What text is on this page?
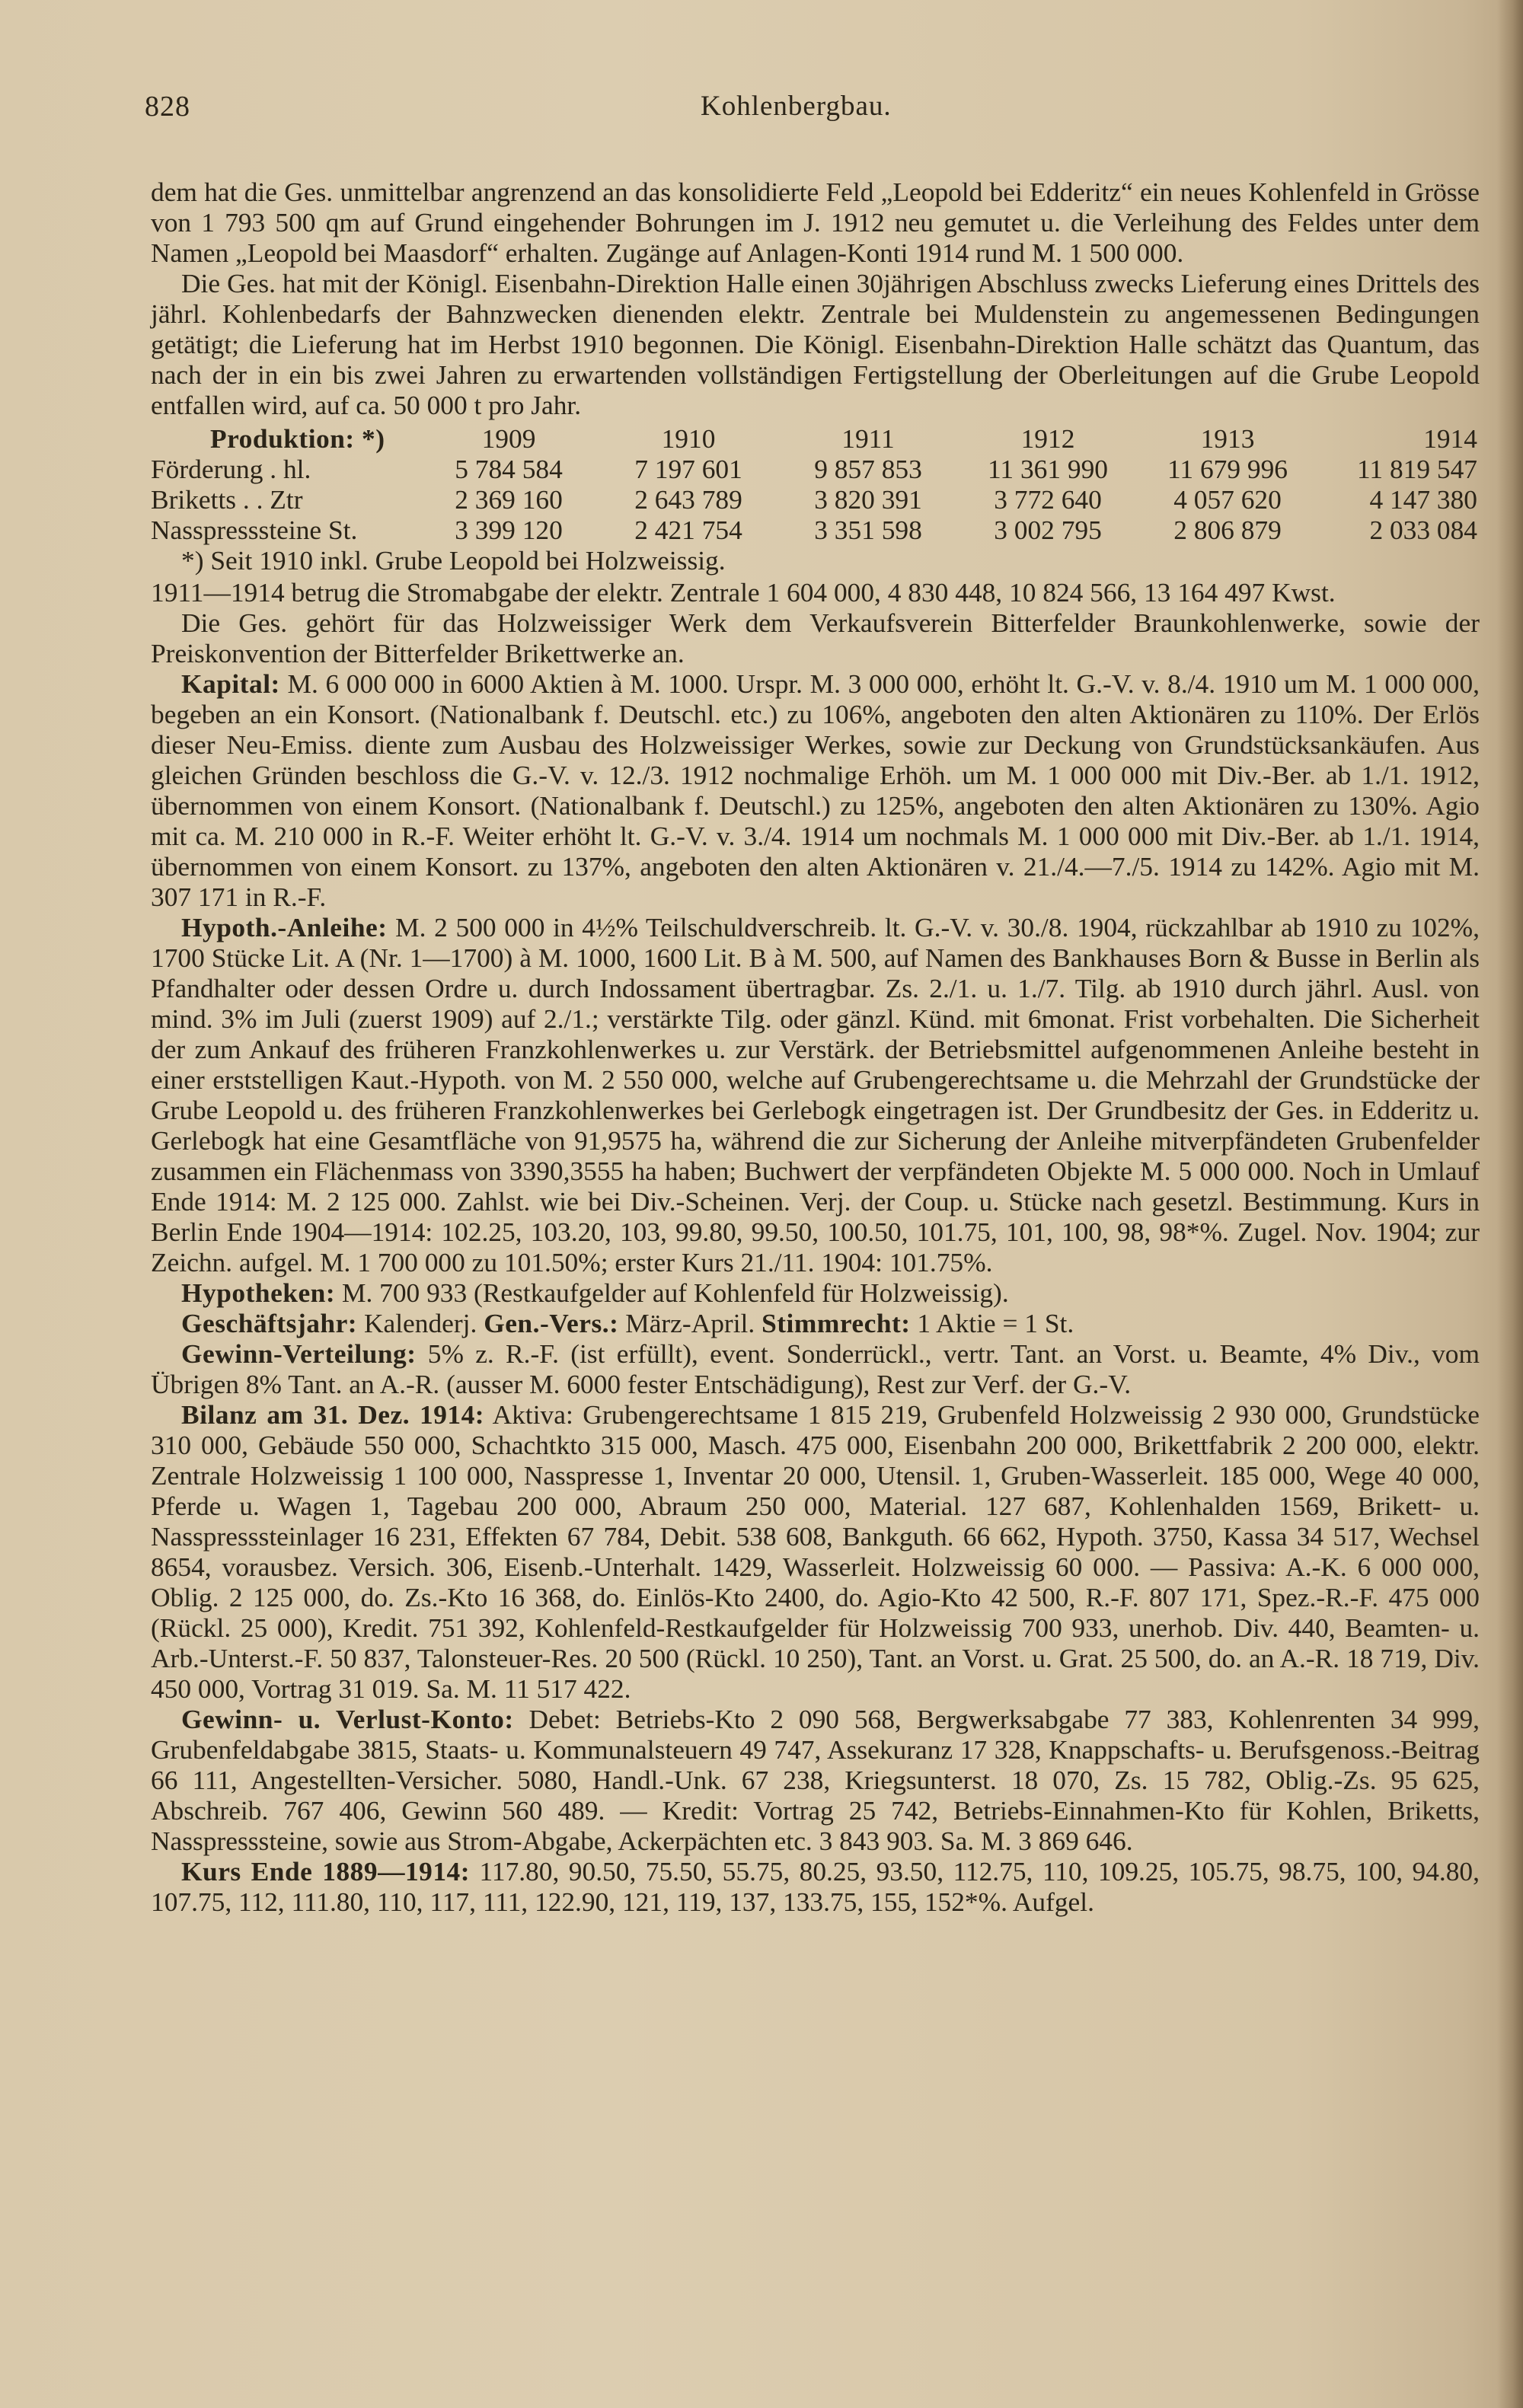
828	Kohlenbergbau.

dem hat die Ges. unmittelbar angrenzend an das konsolidierte Feld „Leopold bei Edderitz“ ein neues Kohlenfeld in Grösse von 1 793 500 qm auf Grund eingehender Bohrungen im J. 1912 neu gemutet u. die Verleihung des Feldes unter dem Namen „Leopold bei Maasdorf“ erhalten. Zugänge auf Anlagen-Konti 1914 rund M. 1 500 000.

Die Ges. hat mit der Königl. Eisenbahn-Direktion Halle einen 30jährigen Abschluss zwecks Lieferung eines Drittels des jährl. Kohlenbedarfs der Bahnzwecken dienenden elektr. Zentrale bei Muldenstein zu angemessenen Bedingungen getätigt; die Lieferung hat im Herbst 1910 begonnen. Die Königl. Eisenbahn-Direktion Halle schätzt das Quantum, das nach der in ein bis zwei Jahren zu erwartenden vollständigen Fertigstellung der Oberleitungen auf die Grube Leopold entfallen wird, auf ca. 50 000 t pro Jahr.

Produktion: *)	1909	1910	1911	1912	1913	1914
Förderung . hl.	5 784 584	7 197 601	9 857 853	11 361 990	11 679 996	11 819 547
Briketts . . Ztr	2 369 160	2 643 789	3 820 391	3 772 640	4 057 620	4 147 380
Nasspresssteine St.	3 399 120	2 421 754	3 351 598	3 002 795	2 806 879	2 033 084
*) Seit 1910 inkl. Grube Leopold bei Holzweissig.

1911—1914 betrug die Stromabgabe der elektr. Zentrale 1 604 000, 4 830 448, 10 824 566, 13 164 497 Kwst.

Die Ges. gehört für das Holzweissiger Werk dem Verkaufsverein Bitterfelder Braunkohlenwerke, sowie der Preiskonvention der Bitterfelder Brikettwerke an.

Kapital: M. 6 000 000 in 6000 Aktien à M. 1000. Urspr. M. 3 000 000, erhöht lt. G.-V. v. 8./4. 1910 um M. 1 000 000, begeben an ein Konsort. (Nationalbank f. Deutschl. etc.) zu 106%, angeboten den alten Aktionären zu 110%. Der Erlös dieser Neu-Emiss. diente zum Ausbau des Holzweissiger Werkes, sowie zur Deckung von Grundstücksankäufen. Aus gleichen Gründen beschloss die G.-V. v. 12./3. 1912 nochmalige Erhöh. um M. 1 000 000 mit Div.-Ber. ab 1./1. 1912, übernommen von einem Konsort. (Nationalbank f. Deutschl.) zu 125%, angeboten den alten Aktionären zu 130%. Agio mit ca. M. 210 000 in R.-F. Weiter erhöht lt. G.-V. v. 3./4. 1914 um nochmals M. 1 000 000 mit Div.-Ber. ab 1./1. 1914, übernommen von einem Konsort. zu 137%, angeboten den alten Aktionären v. 21./4.—7./5. 1914 zu 142%. Agio mit M. 307 171 in R.-F.

Hypoth.-Anleihe: M. 2 500 000 in 4½% Teilschuldverschreib. lt. G.-V. v. 30./8. 1904, rückzahlbar ab 1910 zu 102%, 1700 Stücke Lit. A (Nr. 1—1700) à M. 1000, 1600 Lit. B à M. 500, auf Namen des Bankhauses Born & Busse in Berlin als Pfandhalter oder dessen Ordre u. durch Indossament übertragbar. Zs. 2./1. u. 1./7. Tilg. ab 1910 durch jährl. Ausl. von mind. 3% im Juli (zuerst 1909) auf 2./1.; verstärkte Tilg. oder gänzl. Künd. mit 6monat. Frist vorbehalten. Die Sicherheit der zum Ankauf des früheren Franzkohlenwerkes u. zur Verstärk. der Betriebsmittel aufgenommenen Anleihe besteht in einer erststelligen Kaut.-Hypoth. von M. 2 550 000, welche auf Grubengerechtsame u. die Mehrzahl der Grundstücke der Grube Leopold u. des früheren Franzkohlenwerkes bei Gerlebogk eingetragen ist. Der Grundbesitz der Ges. in Edderitz u. Gerlebogk hat eine Gesamtfläche von 91,9575 ha, während die zur Sicherung der Anleihe mitverpfändeten Grubenfelder zusammen ein Flächenmass von 3390,3555 ha haben; Buchwert der verpfändeten Objekte M. 5 000 000. Noch in Umlauf Ende 1914: M. 2 125 000. Zahlst. wie bei Div.-Scheinen. Verj. der Coup. u. Stücke nach gesetzl. Bestimmung. Kurs in Berlin Ende 1904—1914: 102.25, 103.20, 103, 99.80, 99.50, 100.50, 101.75, 101, 100, 98, 98*%. Zugel. Nov. 1904; zur Zeichn. aufgel. M. 1 700 000 zu 101.50%; erster Kurs 21./11. 1904: 101.75%.

Hypotheken: M. 700 933 (Restkaufgelder auf Kohlenfeld für Holzweissig).

Geschäftsjahr: Kalenderj. Gen.-Vers.: März-April. Stimmrecht: 1 Aktie = 1 St.

Gewinn-Verteilung: 5% z. R.-F. (ist erfüllt), event. Sonderrückl., vertr. Tant. an Vorst. u. Beamte, 4% Div., vom Übrigen 8% Tant. an A.-R. (ausser M. 6000 fester Entschädigung), Rest zur Verf. der G.-V.

Bilanz am 31. Dez. 1914: Aktiva: Grubengerechtsame 1 815 219, Grubenfeld Holzweissig 2 930 000, Grundstücke 310 000, Gebäude 550 000, Schachtkto 315 000, Masch. 475 000, Eisenbahn 200 000, Brikettfabrik 2 200 000, elektr. Zentrale Holzweissig 1 100 000, Nasspresse 1, Inventar 20 000, Utensil. 1, Gruben-Wasserleit. 185 000, Wege 40 000, Pferde u. Wagen 1, Tagebau 200 000, Abraum 250 000, Material. 127 687, Kohlenhalden 1569, Brikett- u. Nasspresssteinlager 16 231, Effekten 67 784, Debit. 538 608, Bankguth. 66 662, Hypoth. 3750, Kassa 34 517, Wechsel 8654, vorausbez. Versich. 306, Eisenb.-Unterhalt. 1429, Wasserleit. Holzweissig 60 000. — Passiva: A.-K. 6 000 000, Oblig. 2 125 000, do. Zs.-Kto 16 368, do. Einlös-Kto 2400, do. Agio-Kto 42 500, R.-F. 807 171, Spez.-R.-F. 475 000 (Rückl. 25 000), Kredit. 751 392, Kohlenfeld-Restkaufgelder für Holzweissig 700 933, unerhob. Div. 440, Beamten- u. Arb.-Unterst.-F. 50 837, Talonsteuer-Res. 20 500 (Rückl. 10 250), Tant. an Vorst. u. Grat. 25 500, do. an A.-R. 18 719, Div. 450 000, Vortrag 31 019. Sa. M. 11 517 422.

Gewinn- u. Verlust-Konto: Debet: Betriebs-Kto 2 090 568, Bergwerksabgabe 77 383, Kohlenrenten 34 999, Grubenfeldabgabe 3815, Staats- u. Kommunalsteuern 49 747, Assekuranz 17 328, Knappschafts- u. Berufsgenoss.-Beitrag 66 111, Angestellten-Versicher. 5080, Handl.-Unk. 67 238, Kriegsunterst. 18 070, Zs. 15 782, Oblig.-Zs. 95 625, Abschreib. 767 406, Gewinn 560 489. — Kredit: Vortrag 25 742, Betriebs-Einnahmen-Kto für Kohlen, Briketts, Nasspresssteine, sowie aus Strom-Abgabe, Ackerpächten etc. 3 843 903. Sa. M. 3 869 646.

Kurs Ende 1889—1914: 117.80, 90.50, 75.50, 55.75, 80.25, 93.50, 112.75, 110, 109.25, 105.75, 98.75, 100, 94.80, 107.75, 112, 111.80, 110, 117, 111, 122.90, 121, 119, 137, 133.75, 155, 152*%. Aufgel.
